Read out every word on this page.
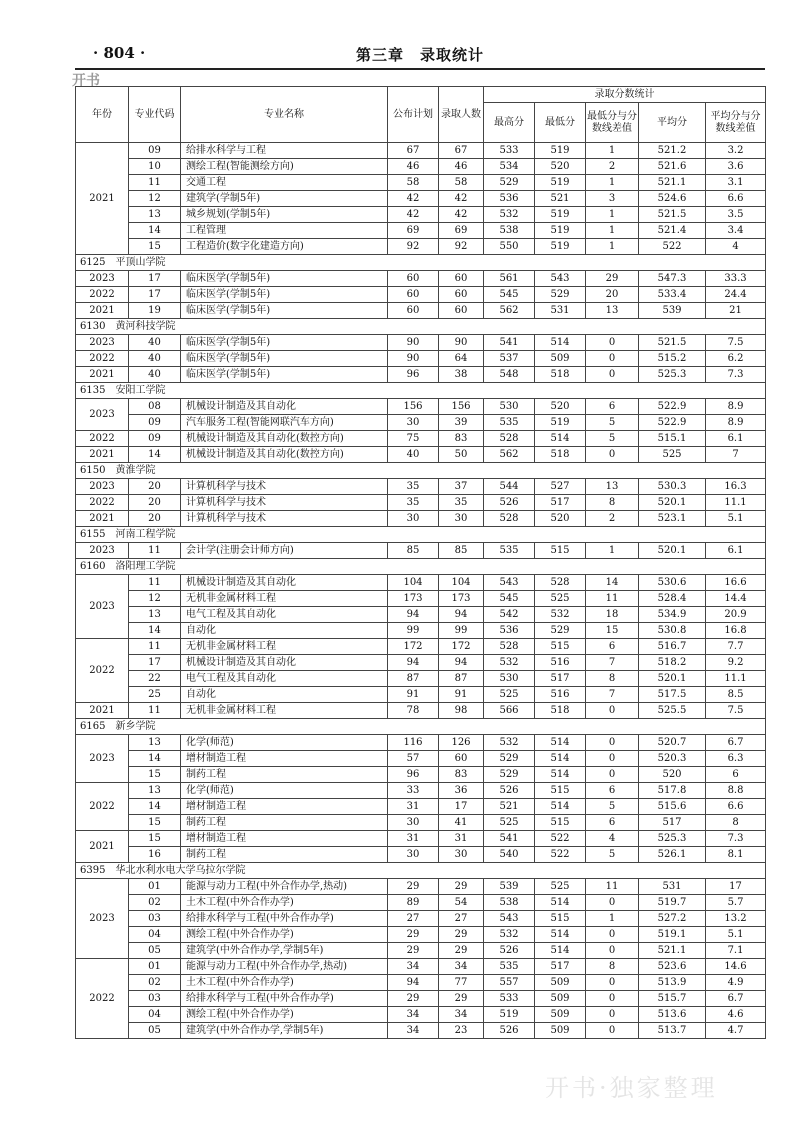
· 804 ·	第三章　录取统计
开书
年份	专业代码	专业名称	公布计划	录取人数	录取分数统计				
					最高分	最低分	最低分与分数线差值	平均分	平均分与分数线差值
2021	09	给排水科学与工程	67	67	533	519	1	521.2	3.2
	10	测绘工程(智能测绘方向)	46	46	534	520	2	521.6	3.6
	11	交通工程	58	58	529	519	1	521.1	3.1
	12	建筑学(学制5年)	42	42	536	521	3	524.6	6.6
	13	城乡规划(学制5年)	42	42	532	519	1	521.5	3.5
	14	工程管理	69	69	538	519	1	521.4	3.4
	15	工程造价(数字化建造方向)	92	92	550	519	1	522	4
6125　平顶山学院									
2023	17	临床医学(学制5年)	60	60	561	543	29	547.3	33.3
2022	17	临床医学(学制5年)	60	60	545	529	20	533.4	24.4
2021	19	临床医学(学制5年)	60	60	562	531	13	539	21
6130　黄河科技学院									
2023	40	临床医学(学制5年)	90	90	541	514	0	521.5	7.5
2022	40	临床医学(学制5年)	90	64	537	509	0	515.2	6.2
2021	40	临床医学(学制5年)	96	38	548	518	0	525.3	7.3
6135　安阳工学院									
2023	08	机械设计制造及其自动化	156	156	530	520	6	522.9	8.9
	09	汽车服务工程(智能网联汽车方向)	30	39	535	519	5	522.9	8.9
2022	09	机械设计制造及其自动化(数控方向)	75	83	528	514	5	515.1	6.1
2021	14	机械设计制造及其自动化(数控方向)	40	50	562	518	0	525	7
6150　黄淮学院									
2023	20	计算机科学与技术	35	37	544	527	13	530.3	16.3
2022	20	计算机科学与技术	35	35	526	517	8	520.1	11.1
2021	20	计算机科学与技术	30	30	528	520	2	523.1	5.1
6155　河南工程学院									
2023	11	会计学(注册会计师方向)	85	85	535	515	1	520.1	6.1
6160　洛阳理工学院									
2023	11	机械设计制造及其自动化	104	104	543	528	14	530.6	16.6
	12	无机非金属材料工程	173	173	545	525	11	528.4	14.4
	13	电气工程及其自动化	94	94	542	532	18	534.9	20.9
	14	自动化	99	99	536	529	15	530.8	16.8
2022	11	无机非金属材料工程	172	172	528	515	6	516.7	7.7
	17	机械设计制造及其自动化	94	94	532	516	7	518.2	9.2
	22	电气工程及其自动化	87	87	530	517	8	520.1	11.1
	25	自动化	91	91	525	516	7	517.5	8.5
2021	11	无机非金属材料工程	78	98	566	518	0	525.5	7.5
6165　新乡学院									
2023	13	化学(师范)	116	126	532	514	0	520.7	6.7
	14	增材制造工程	57	60	529	514	0	520.3	6.3
	15	制药工程	96	83	529	514	0	520	6
2022	13	化学(师范)	33	36	526	515	6	517.8	8.8
	14	增材制造工程	31	17	521	514	5	515.6	6.6
	15	制药工程	30	41	525	515	6	517	8
2021	15	增材制造工程	31	31	541	522	4	525.3	7.3
	16	制药工程	30	30	540	522	5	526.1	8.1
6395　华北水利水电大学乌拉尔学院									
2023	01	能源与动力工程(中外合作办学,热动)	29	29	539	525	11	531	17
	02	土木工程(中外合作办学)	89	54	538	514	0	519.7	5.7
	03	给排水科学与工程(中外合作办学)	27	27	543	515	1	527.2	13.2
	04	测绘工程(中外合作办学)	29	29	532	514	0	519.1	5.1
	05	建筑学(中外合作办学,学制5年)	29	29	526	514	0	521.1	7.1
2022	01	能源与动力工程(中外合作办学,热动)	34	34	535	517	8	523.6	14.6
	02	土木工程(中外合作办学)	94	77	557	509	0	513.9	4.9
	03	给排水科学与工程(中外合作办学)	29	29	533	509	0	515.7	6.7
	04	测绘工程(中外合作办学)	34	34	519	509	0	513.6	4.6
	05	建筑学(中外合作办学,学制5年)	34	23	526	509	0	513.7	4.7
开书·独家整理
